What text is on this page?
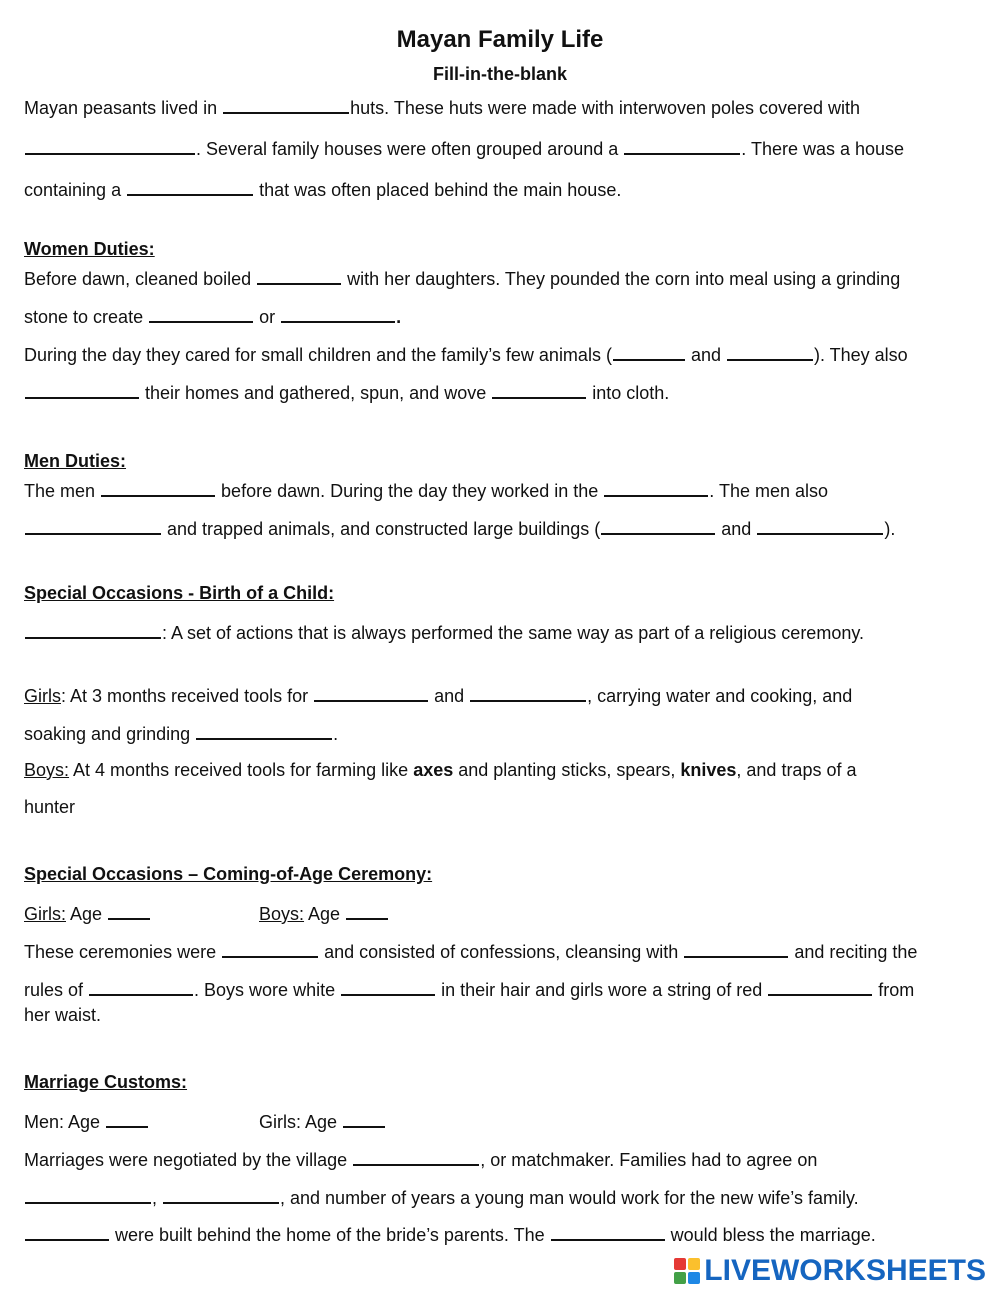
Mayan Family Life
Fill-in-the-blank
Mayan peasants lived in	huts. These huts were made with interwoven poles covered with
. Several family houses were often grouped around a	. There was a house
containing a	that was often placed behind the main house.
Women Duties:
Before dawn, cleaned boiled	with her daughters. They pounded the corn into meal using a grinding
stone to create	or	.
During the day they cared for small children and the family’s few animals (	and	). They also
their homes and gathered, spun, and wove	into cloth.
Men Duties:
The men	before dawn. During the day they worked in the	. The men also
and trapped animals, and constructed large buildings (	and	).
Special Occasions - Birth of a Child:
: A set of actions that is always performed the same way as part of a religious ceremony.
Girls: At 3 months received tools for	and	, carrying water and cooking, and
soaking and grinding	.
Boys: At 4 months received tools for farming like axes and planting sticks, spears, knives, and traps of a
hunter
Special Occasions – Coming-of-Age Ceremony:
Girls: Age	Boys: Age
These ceremonies were	and consisted of confessions, cleansing with	and reciting the
rules of	. Boys wore white	in their hair and girls wore a string of red	from
her waist.
Marriage Customs:
Men: Age	Girls: Age
Marriages were negotiated by the village	, or matchmaker. Families had to agree on
,	, and number of years a young man would work for the new wife’s family.
were built behind the home of the bride’s parents. The	would bless the marriage.
LIVEWORKSHEETS
